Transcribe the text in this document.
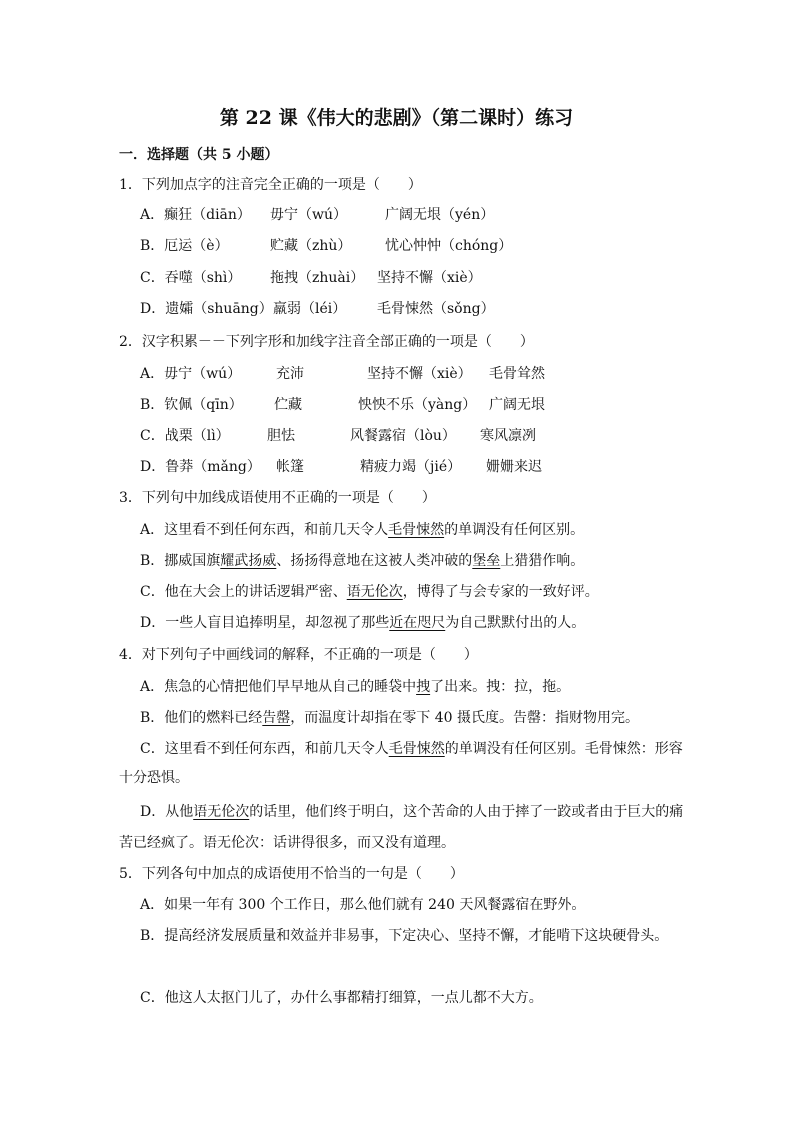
第 22 课《伟大的悲剧》（第二课时）练习
一．选择题（共 5 小题）
1．下列加点字的注音完全正确的一项是（　　）
A．癫狂（diān） 毋宁（wú）	广阔无垠（yén）
B．厄运（è）	贮藏（zhù） 忧心忡忡（chóng）
C．吞噬（shì） 拖拽（zhuài） 坚持不懈（xiè）
D．遗孀（shuāng） 羸弱（léi） 毛骨悚然（sǒng）
2．汉字积累－－下列字形和加线字注音全部正确的一项是（　　）
A．毋宁（wú） 充沛	坚持不懈（xiè） 毛骨耸然
B．钦佩（qīn） 伫藏	怏怏不乐（yàng） 广阔无垠
C．战栗（lì）	胆怯	风餐露宿（lòu） 寒风凛冽
D．鲁莽（mǎng） 帐篷	精疲力竭（jié） 姗姗来迟
3．下列句中加线成语使用不正确的一项是（　　）
A．这里看不到任何东西，和前几天令人毛骨悚然的单调没有任何区别。
B．挪威国旗耀武扬威、扬扬得意地在这被人类冲破的堡垒上猎猎作响。
C．他在大会上的讲话逻辑严密、语无伦次，博得了与会专家的一致好评。
D．一些人盲目追捧明星，却忽视了那些近在咫尺为自己默默付出的人。
4．对下列句子中画线词的解释，不正确的一项是（　　）
A．焦急的心情把他们早早地从自己的睡袋中拽了出来。拽：拉，拖。
B．他们的燃料已经告罄，而温度计却指在零下 40 摄氏度。告罄：指财物用完。
C．这里看不到任何东西，和前几天令人毛骨悚然的单调没有任何区别。毛骨悚然：形容
十分恐惧。
D．从他语无伦次的话里，他们终于明白，这个苦命的人由于摔了一跤或者由于巨大的痛
苦已经疯了。语无伦次：话讲得很多，而又没有道理。
5．下列各句中加点的成语使用不恰当的一句是（　　）
A．如果一年有 300 个工作日，那么他们就有 240 天风餐露宿在野外。
B．提高经济发展质量和效益并非易事，下定决心、坚持不懈，才能啃下这块硬骨头。
C．他这人太抠门儿了，办什么事都精打细算，一点儿都不大方。
